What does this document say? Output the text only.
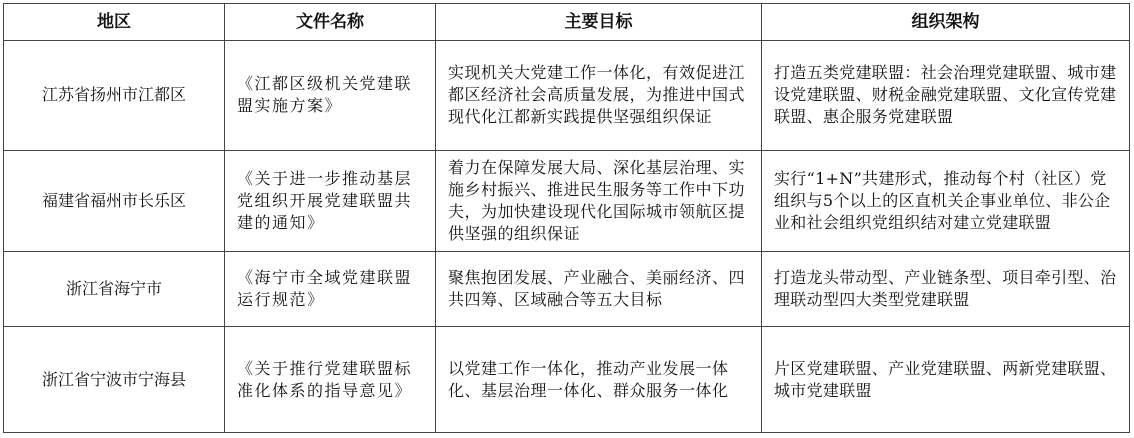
地区	文件名称	主要目标	组织架构
江苏省扬州市江都区	《江都区级机关党建联盟实施方案》	实现机关大党建工作一体化，有效促进江都区经济社会高质量发展，为推进中国式现代化江都新实践提供坚强组织保证	打造五类党建联盟：社会治理党建联盟、城市建设党建联盟、财税金融党建联盟、文化宣传党建联盟、惠企服务党建联盟
福建省福州市长乐区	《关于进一步推动基层党组织开展党建联盟共建的通知》	着力在保障发展大局、深化基层治理、实施乡村振兴、推进民生服务等工作中下功夫，为加快建设现代化国际城市领航区提供坚强的组织保证	实行“1+N”共建形式，推动每个村（社区）党组织与5个以上的区直机关企事业单位、非公企业和社会组织党组织结对建立党建联盟
浙江省海宁市	《海宁市全域党建联盟运行规范》	聚焦抱团发展、产业融合、美丽经济、四共四筹、区域融合等五大目标	打造龙头带动型、产业链条型、项目牵引型、治理联动型四大类型党建联盟
浙江省宁波市宁海县	《关于推行党建联盟标准化体系的指导意见》	以党建工作一体化，推动产业发展一体化、基层治理一体化、群众服务一体化	片区党建联盟、产业党建联盟、两新党建联盟、城市党建联盟
